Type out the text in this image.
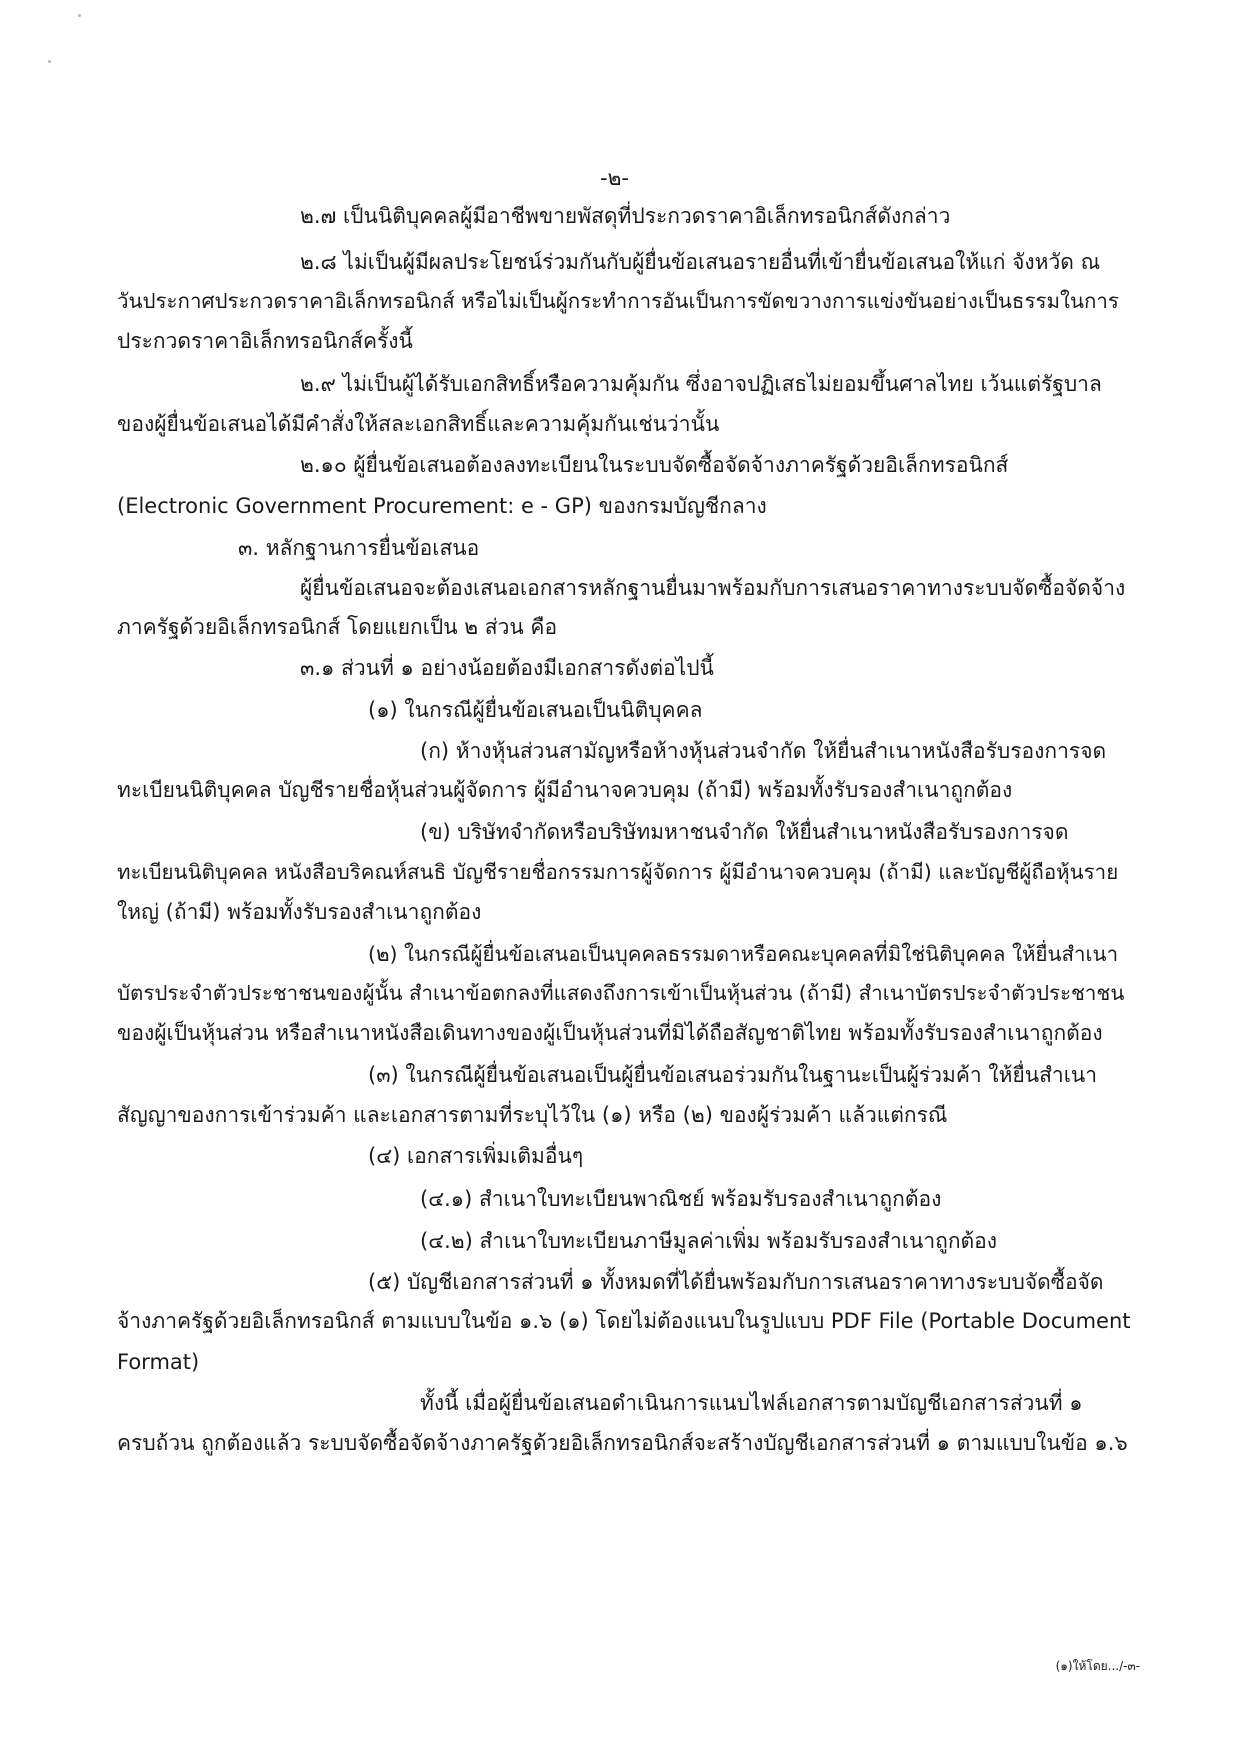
-๒-
๒.๗ เป็นนิติบุคคลผู้มีอาชีพขายพัสดุที่ประกวดราคาอิเล็กทรอนิกส์ดังกล่าว
๒.๘ ไม่เป็นผู้มีผลประโยชน์ร่วมกันกับผู้ยื่นข้อเสนอรายอื่นที่เข้ายื่นข้อเสนอให้แก่ จังหวัด ณ
วันประกาศประกวดราคาอิเล็กทรอนิกส์ หรือไม่เป็นผู้กระทำการอันเป็นการขัดขวางการแข่งขันอย่างเป็นธรรมในการ
ประกวดราคาอิเล็กทรอนิกส์ครั้งนี้
๒.๙ ไม่เป็นผู้ได้รับเอกสิทธิ์หรือความคุ้มกัน ซึ่งอาจปฏิเสธไม่ยอมขึ้นศาลไทย เว้นแต่รัฐบาล
ของผู้ยื่นข้อเสนอได้มีคำสั่งให้สละเอกสิทธิ์และความคุ้มกันเช่นว่านั้น
๒.๑๐ ผู้ยื่นข้อเสนอต้องลงทะเบียนในระบบจัดซื้อจัดจ้างภาครัฐด้วยอิเล็กทรอนิกส์
(Electronic Government Procurement: e - GP) ของกรมบัญชีกลาง
๓. หลักฐานการยื่นข้อเสนอ
ผู้ยื่นข้อเสนอจะต้องเสนอเอกสารหลักฐานยื่นมาพร้อมกับการเสนอราคาทางระบบจัดซื้อจัดจ้าง
ภาครัฐด้วยอิเล็กทรอนิกส์ โดยแยกเป็น ๒ ส่วน คือ
๓.๑ ส่วนที่ ๑ อย่างน้อยต้องมีเอกสารดังต่อไปนี้
(๑) ในกรณีผู้ยื่นข้อเสนอเป็นนิติบุคคล
(ก) ห้างหุ้นส่วนสามัญหรือห้างหุ้นส่วนจำกัด ให้ยื่นสำเนาหนังสือรับรองการจด
ทะเบียนนิติบุคคล บัญชีรายชื่อหุ้นส่วนผู้จัดการ ผู้มีอำนาจควบคุม (ถ้ามี) พร้อมทั้งรับรองสำเนาถูกต้อง
(ข) บริษัทจำกัดหรือบริษัทมหาชนจำกัด ให้ยื่นสำเนาหนังสือรับรองการจด
ทะเบียนนิติบุคคล หนังสือบริคณห์สนธิ บัญชีรายชื่อกรรมการผู้จัดการ ผู้มีอำนาจควบคุม (ถ้ามี) และบัญชีผู้ถือหุ้นราย
ใหญ่ (ถ้ามี) พร้อมทั้งรับรองสำเนาถูกต้อง
(๒) ในกรณีผู้ยื่นข้อเสนอเป็นบุคคลธรรมดาหรือคณะบุคคลที่มิใช่นิติบุคคล ให้ยื่นสำเนา
บัตรประจำตัวประชาชนของผู้นั้น สำเนาข้อตกลงที่แสดงถึงการเข้าเป็นหุ้นส่วน (ถ้ามี) สำเนาบัตรประจำตัวประชาชน
ของผู้เป็นหุ้นส่วน หรือสำเนาหนังสือเดินทางของผู้เป็นหุ้นส่วนที่มิได้ถือสัญชาติไทย พร้อมทั้งรับรองสำเนาถูกต้อง
(๓) ในกรณีผู้ยื่นข้อเสนอเป็นผู้ยื่นข้อเสนอร่วมกันในฐานะเป็นผู้ร่วมค้า ให้ยื่นสำเนา
สัญญาของการเข้าร่วมค้า และเอกสารตามที่ระบุไว้ใน (๑) หรือ (๒) ของผู้ร่วมค้า แล้วแต่กรณี
(๔) เอกสารเพิ่มเติมอื่นๆ
(๔.๑) สำเนาใบทะเบียนพาณิชย์ พร้อมรับรองสำเนาถูกต้อง
(๔.๒) สำเนาใบทะเบียนภาษีมูลค่าเพิ่ม พร้อมรับรองสำเนาถูกต้อง
(๕) บัญชีเอกสารส่วนที่ ๑ ทั้งหมดที่ได้ยื่นพร้อมกับการเสนอราคาทางระบบจัดซื้อจัด
จ้างภาครัฐด้วยอิเล็กทรอนิกส์ ตามแบบในข้อ ๑.๖ (๑) โดยไม่ต้องแนบในรูปแบบ PDF File (Portable Document
Format)
ทั้งนี้ เมื่อผู้ยื่นข้อเสนอดำเนินการแนบไฟล์เอกสารตามบัญชีเอกสารส่วนที่ ๑
ครบถ้วน ถูกต้องแล้ว ระบบจัดซื้อจัดจ้างภาครัฐด้วยอิเล็กทรอนิกส์จะสร้างบัญชีเอกสารส่วนที่ ๑ ตามแบบในข้อ ๑.๖
(๑)ให้โดย.../-๓-
